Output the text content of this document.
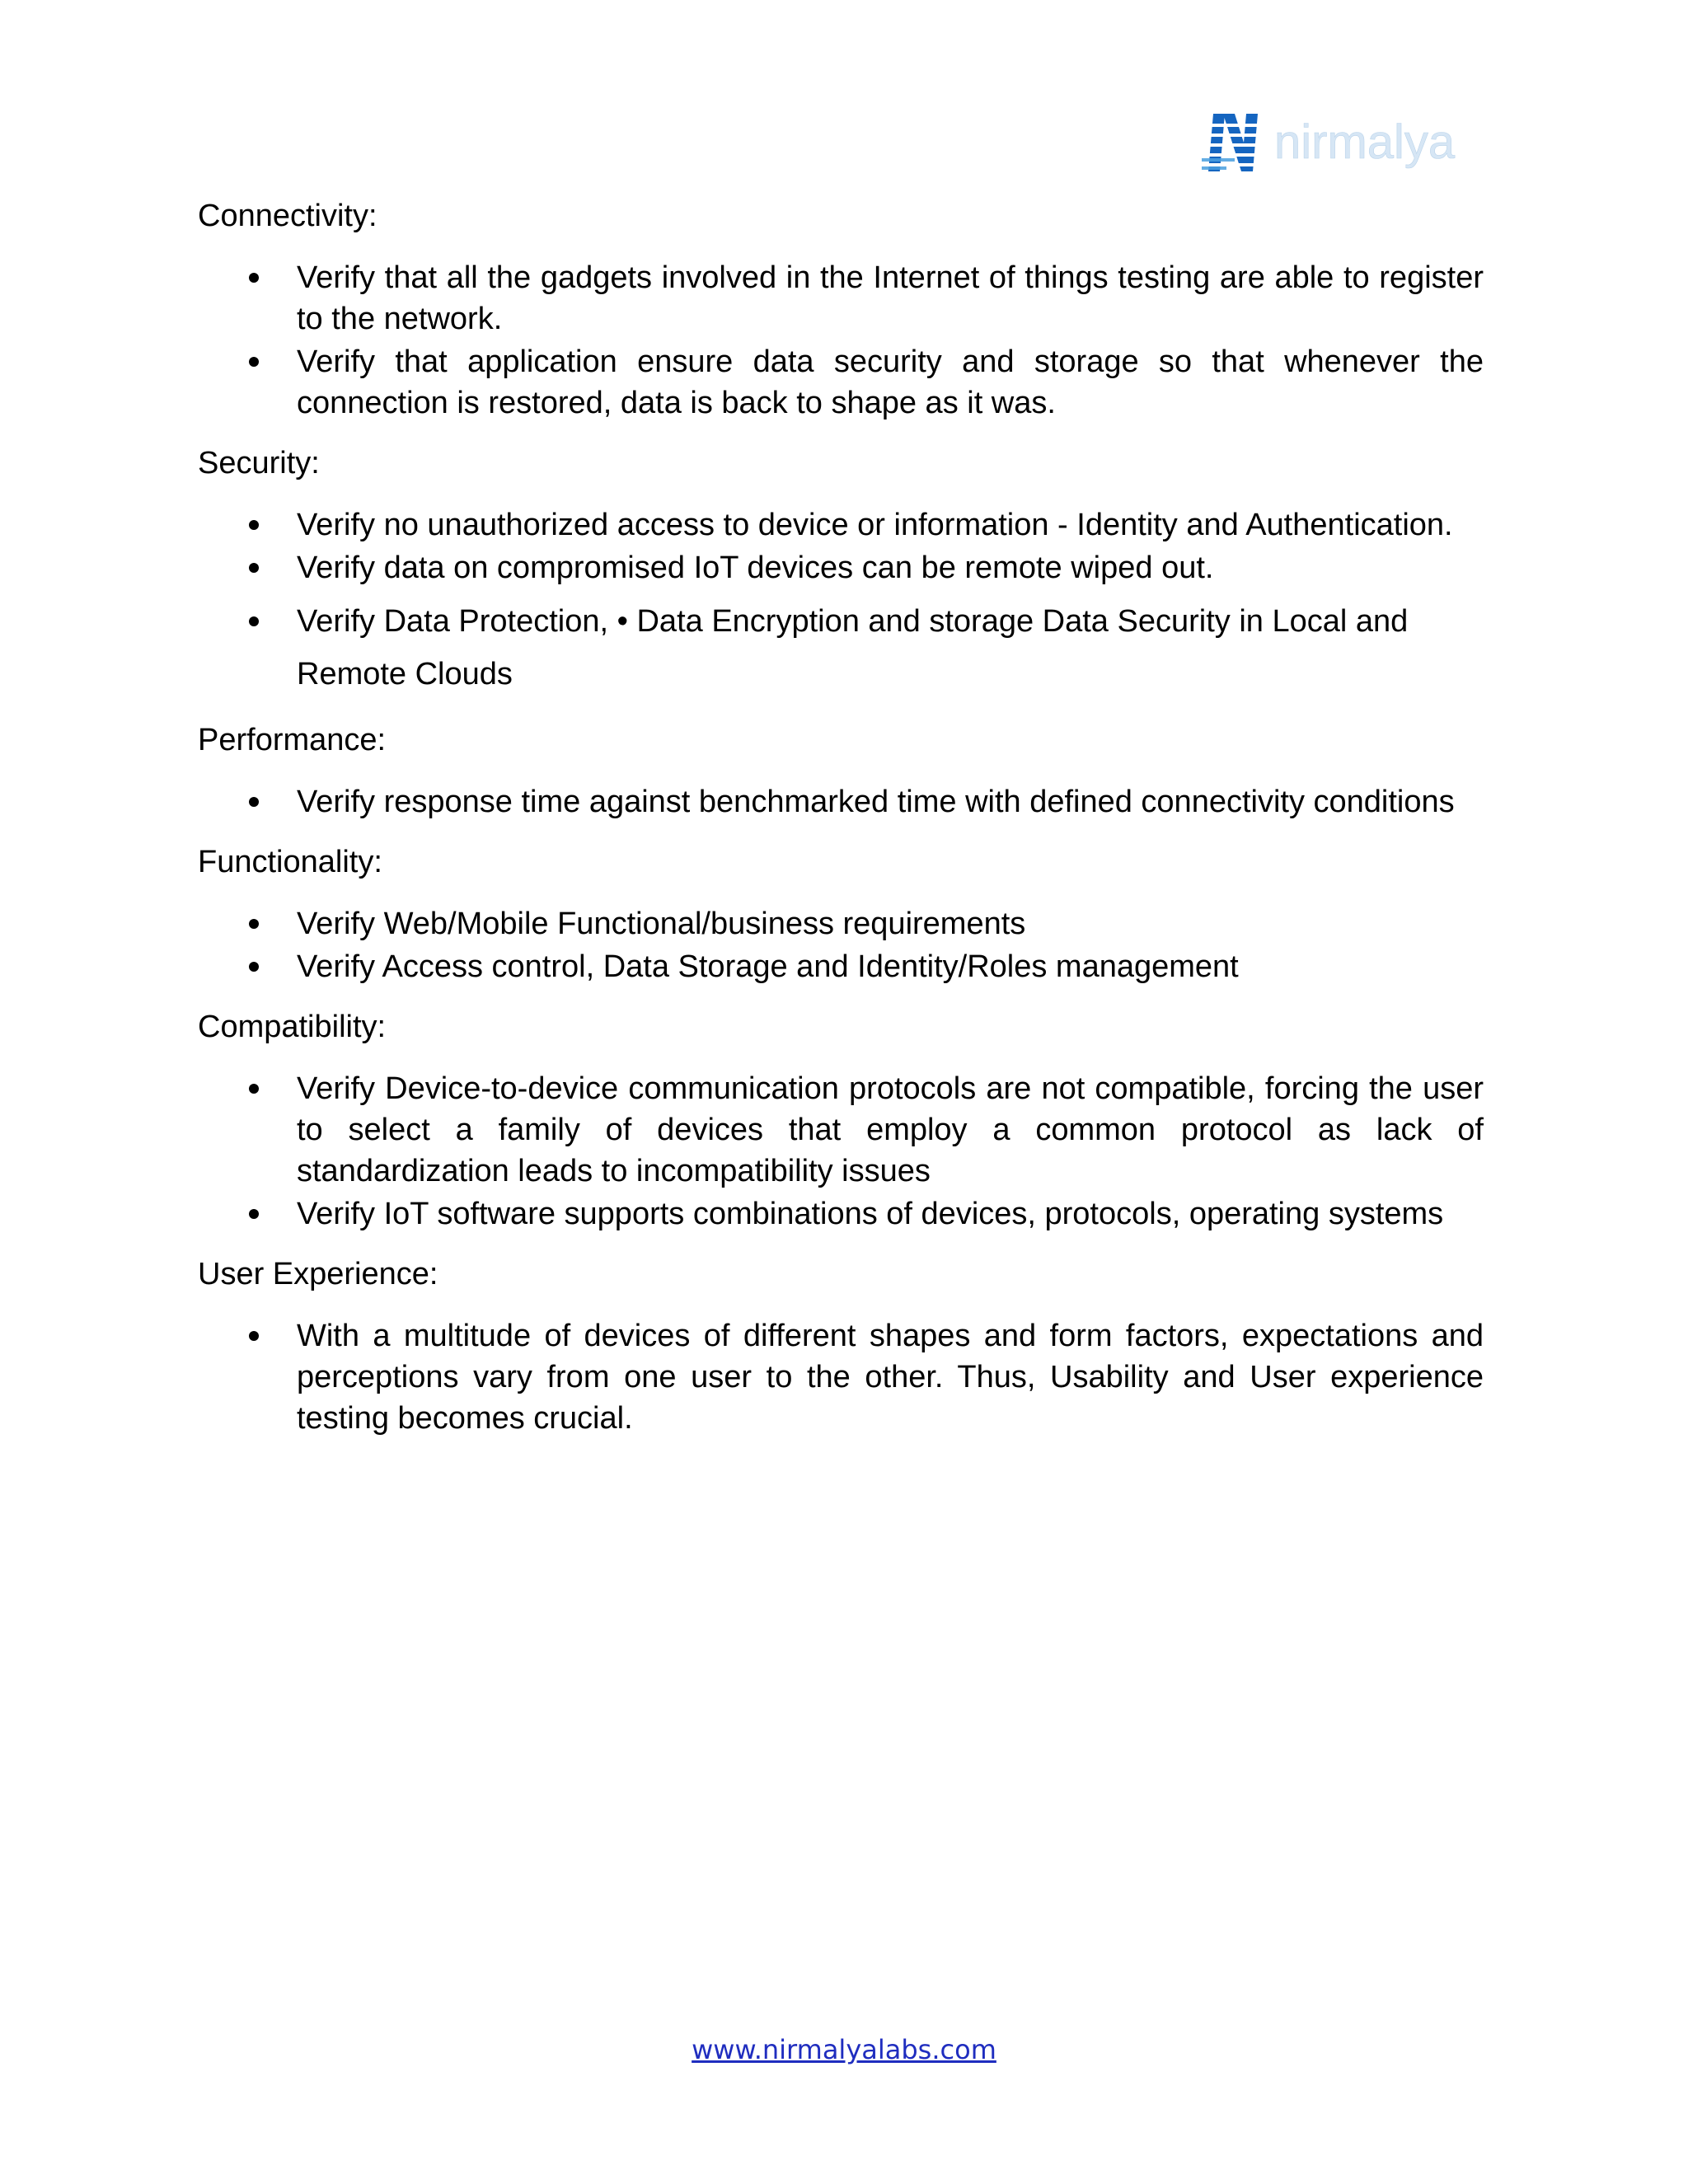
nirmalya
Connectivity:
Verify that all the gadgets involved in the Internet of things testing are able to register to the network.
Verify that application ensure data security and storage so that whenever the connection is restored, data is back to shape as it was.
Security:
Verify no unauthorized access to device or information - Identity and Authentication.
Verify data on compromised IoT devices can be remote wiped out.
Verify Data Protection, • Data Encryption and storage Data Security in Local and Remote Clouds
Performance:
Verify response time against benchmarked time with defined connectivity conditions
Functionality:
Verify Web/Mobile Functional/business requirements
Verify Access control, Data Storage and Identity/Roles management
Compatibility:
Verify Device-to-device communication protocols are not compatible, forcing the user to select a family of devices that employ a common protocol as lack of standardization leads to incompatibility issues
Verify IoT software supports combinations of devices, protocols, operating systems
User Experience:
With a multitude of devices of different shapes and form factors, expectations and perceptions vary from one user to the other. Thus, Usability and User experience testing becomes crucial.
www.nirmalyalabs.com
